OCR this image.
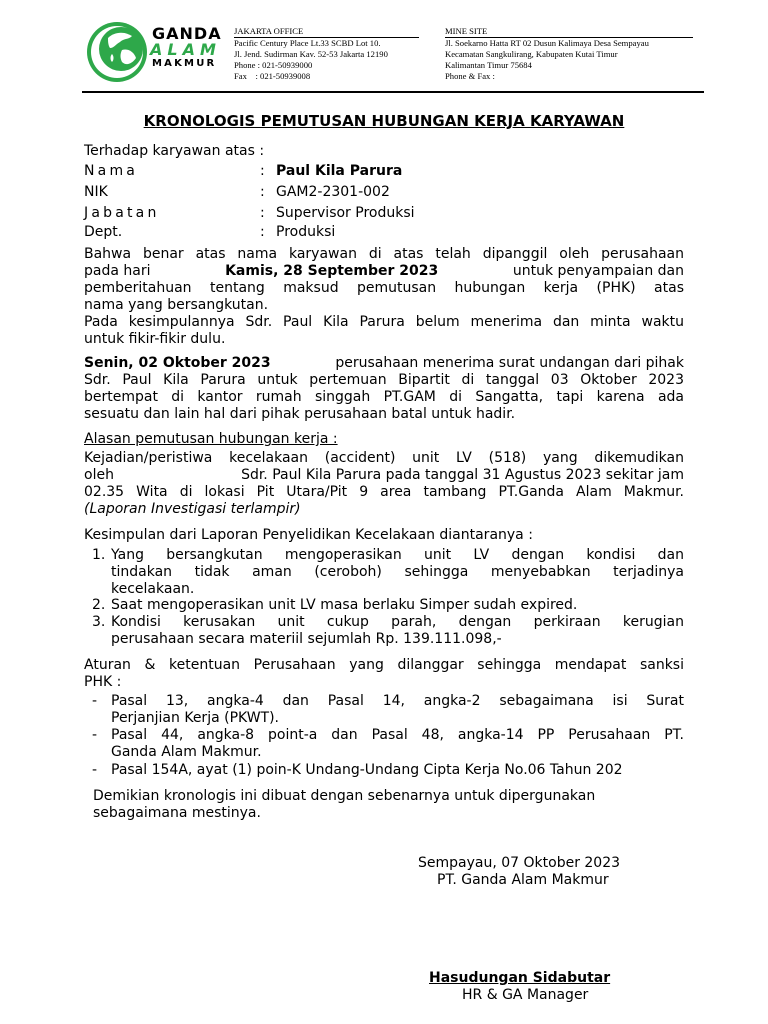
GANDA
ALAM
MAKMUR
JAKARTA OFFICE
Pacific Century Place Lt.33 SCBD Lot 10.
Jl. Jend. Sudirman Kav. 52-53 Jakarta 12190
Phone : 021-50939000
Fax    : 021-50939008
MINE SITE
Jl. Soekarno Hatta RT 02 Dusun Kalimaya Desa Sempayau
Kecamatan Sangkulirang, Kabupaten Kutai Timur
Kalimantan Timur 75684
Phone & Fax :
KRONOLOGIS PEMUTUSAN HUBUNGAN KERJA KARYAWAN
Terhadap karyawan atas :
Nama	: Paul Kila Parura
NIK	: GAM2-2301-002
Jabatan	: Supervisor Produksi
Dept.	: Produksi
Bahwa benar atas nama karyawan di atas telah dipanggil oleh perusahaan
pada hari	Kamis, 28 September 2023	untuk penyampaian dan
pemberitahuan tentang maksud pemutusan hubungan kerja (PHK) atas
nama yang bersangkutan.
Pada kesimpulannya Sdr. Paul Kila Parura belum menerima dan minta waktu
untuk fikir-fikir dulu.
Senin, 02 Oktober 2023	perusahaan menerima surat undangan dari pihak
Sdr. Paul Kila Parura untuk pertemuan Bipartit di tanggal 03 Oktober 2023
bertempat di kantor rumah singgah PT.GAM di Sangatta, tapi karena ada
sesuatu dan lain hal dari pihak perusahaan batal untuk hadir.
Alasan pemutusan hubungan kerja :
Kejadian/peristiwa kecelakaan (accident) unit LV (518) yang dikemudikan
oleh	Sdr. Paul Kila Parura pada tanggal 31 Agustus 2023 sekitar jam
02.35 Wita di lokasi Pit Utara/Pit 9 area tambang PT.Ganda Alam Makmur.
(Laporan Investigasi terlampir)
Kesimpulan dari Laporan Penyelidikan Kecelakaan diantaranya :
1. Yang bersangkutan mengoperasikan unit LV dengan kondisi dan
tindakan tidak aman (ceroboh) sehingga menyebabkan terjadinya
kecelakaan.
2. Saat mengoperasikan unit LV masa berlaku Simper sudah expired.
3. Kondisi kerusakan unit cukup parah, dengan perkiraan kerugian
perusahaan secara materiil sejumlah Rp. 139.111.098,-
Aturan & ketentuan Perusahaan yang dilanggar sehingga mendapat sanksi
PHK :
- Pasal 13, angka-4 dan Pasal 14, angka-2 sebagaimana isi Surat
Perjanjian Kerja (PKWT).
- Pasal 44, angka-8 point-a dan Pasal 48, angka-14 PP Perusahaan PT.
Ganda Alam Makmur.
- Pasal 154A, ayat (1) poin-K Undang-Undang Cipta Kerja No.06 Tahun 202
Demikian kronologis ini dibuat dengan sebenarnya untuk dipergunakan
sebagaimana mestinya.
Sempayau, 07 Oktober 2023
PT. Ganda Alam Makmur
Hasudungan Sidabutar
HR & GA Manager
